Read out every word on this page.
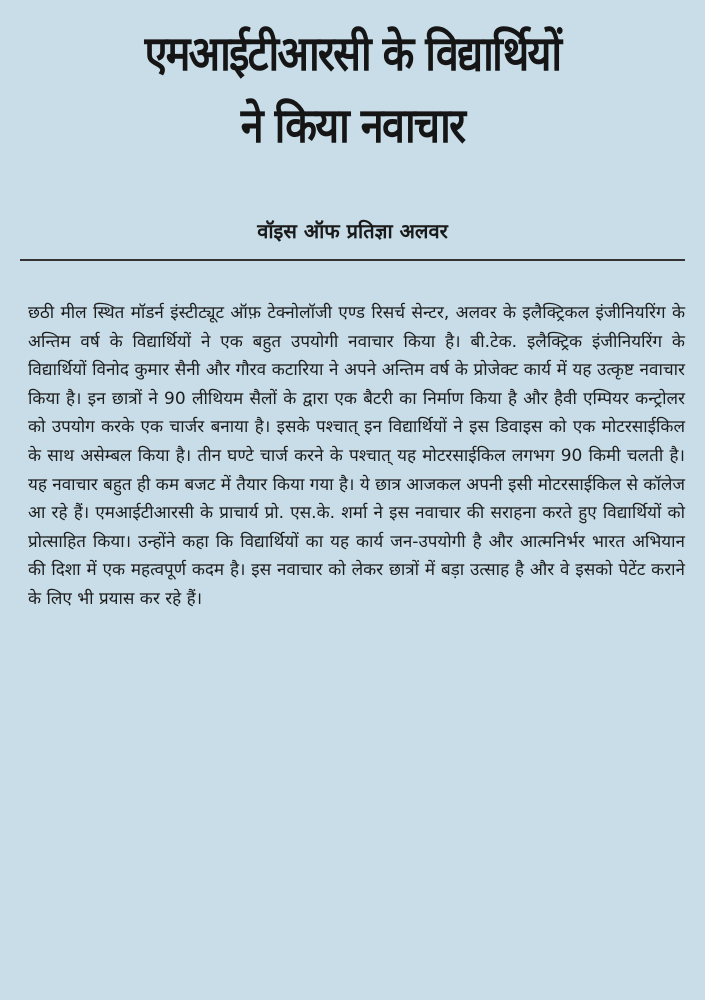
एमआईटीआरसी के विद्यार्थियों
ने किया नवाचार
वॉइस ऑफ प्रतिज्ञा अलवर

छठी मील स्थित मॉडर्न इंस्टीट्यूट ऑफ़ टेक्नोलॉजी एण्ड रिसर्च सेन्टर, अलवर के इलैक्ट्रिकल इंजीनियरिंग के अन्तिम वर्ष के विद्यार्थियों ने एक बहुत उपयोगी नवाचार किया है। बी.टेक. इलैक्ट्रिक इंजीनियरिंग के विद्यार्थियों विनोद कुमार सैनी और गौरव कटारिया ने अपने अन्तिम वर्ष के प्रोजेक्ट कार्य में यह उत्कृष्ट नवाचार किया है। इन छात्रों ने 90 लीथियम सैलों के द्वारा एक बैटरी का निर्माण किया है और हैवी एम्पियर कन्ट्रोलर को उपयोग करके एक चार्जर बनाया है। इसके पश्चात् इन विद्यार्थियों ने इस डिवाइस को एक मोटरसाईकिल के साथ असेम्बल किया है। तीन घण्टे चार्ज करने के पश्चात् यह मोटरसाईकिल लगभग 90 किमी चलती है। यह नवाचार बहुत ही कम बजट में तैयार किया गया है। ये छात्र आजकल अपनी इसी मोटरसाईकिल से कॉलेज आ रहे हैं। एमआईटीआरसी के प्राचार्य प्रो. एस.के. शर्मा ने इस नवाचार की सराहना करते हुए विद्यार्थियों को प्रोत्साहित किया। उन्होंने कहा कि विद्यार्थियों का यह कार्य जन-उपयोगी है और आत्मनिर्भर भारत अभियान की दिशा में एक महत्वपूर्ण कदम है। इस नवाचार को लेकर छात्रों में बड़ा उत्साह है और वे इसको पेटेंट कराने के लिए भी प्रयास कर रहे हैं।
